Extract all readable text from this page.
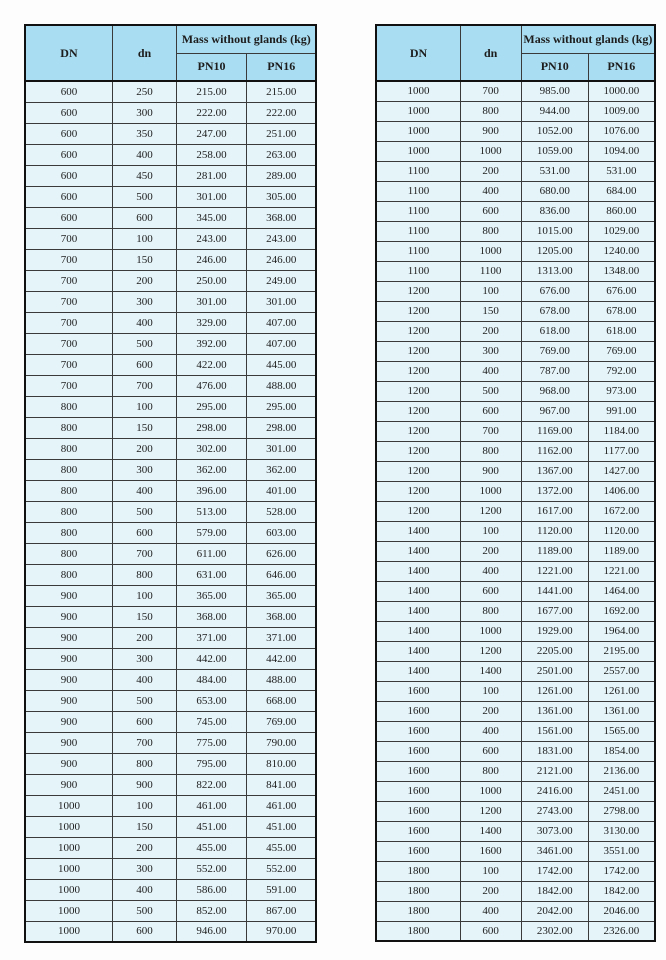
DN	dn	Mass without glands (kg)	
		PN10	PN16
600	250	215.00	215.00
600	300	222.00	222.00
600	350	247.00	251.00
600	400	258.00	263.00
600	450	281.00	289.00
600	500	301.00	305.00
600	600	345.00	368.00
700	100	243.00	243.00
700	150	246.00	246.00
700	200	250.00	249.00
700	300	301.00	301.00
700	400	329.00	407.00
700	500	392.00	407.00
700	600	422.00	445.00
700	700	476.00	488.00
800	100	295.00	295.00
800	150	298.00	298.00
800	200	302.00	301.00
800	300	362.00	362.00
800	400	396.00	401.00
800	500	513.00	528.00
800	600	579.00	603.00
800	700	611.00	626.00
800	800	631.00	646.00
900	100	365.00	365.00
900	150	368.00	368.00
900	200	371.00	371.00
900	300	442.00	442.00
900	400	484.00	488.00
900	500	653.00	668.00
900	600	745.00	769.00
900	700	775.00	790.00
900	800	795.00	810.00
900	900	822.00	841.00
1000	100	461.00	461.00
1000	150	451.00	451.00
1000	200	455.00	455.00
1000	300	552.00	552.00
1000	400	586.00	591.00
1000	500	852.00	867.00
1000	600	946.00	970.00
DN	dn	Mass without glands (kg)	
		PN10	PN16
1000	700	985.00	1000.00
1000	800	944.00	1009.00
1000	900	1052.00	1076.00
1000	1000	1059.00	1094.00
1100	200	531.00	531.00
1100	400	680.00	684.00
1100	600	836.00	860.00
1100	800	1015.00	1029.00
1100	1000	1205.00	1240.00
1100	1100	1313.00	1348.00
1200	100	676.00	676.00
1200	150	678.00	678.00
1200	200	618.00	618.00
1200	300	769.00	769.00
1200	400	787.00	792.00
1200	500	968.00	973.00
1200	600	967.00	991.00
1200	700	1169.00	1184.00
1200	800	1162.00	1177.00
1200	900	1367.00	1427.00
1200	1000	1372.00	1406.00
1200	1200	1617.00	1672.00
1400	100	1120.00	1120.00
1400	200	1189.00	1189.00
1400	400	1221.00	1221.00
1400	600	1441.00	1464.00
1400	800	1677.00	1692.00
1400	1000	1929.00	1964.00
1400	1200	2205.00	2195.00
1400	1400	2501.00	2557.00
1600	100	1261.00	1261.00
1600	200	1361.00	1361.00
1600	400	1561.00	1565.00
1600	600	1831.00	1854.00
1600	800	2121.00	2136.00
1600	1000	2416.00	2451.00
1600	1200	2743.00	2798.00
1600	1400	3073.00	3130.00
1600	1600	3461.00	3551.00
1800	100	1742.00	1742.00
1800	200	1842.00	1842.00
1800	400	2042.00	2046.00
1800	600	2302.00	2326.00
